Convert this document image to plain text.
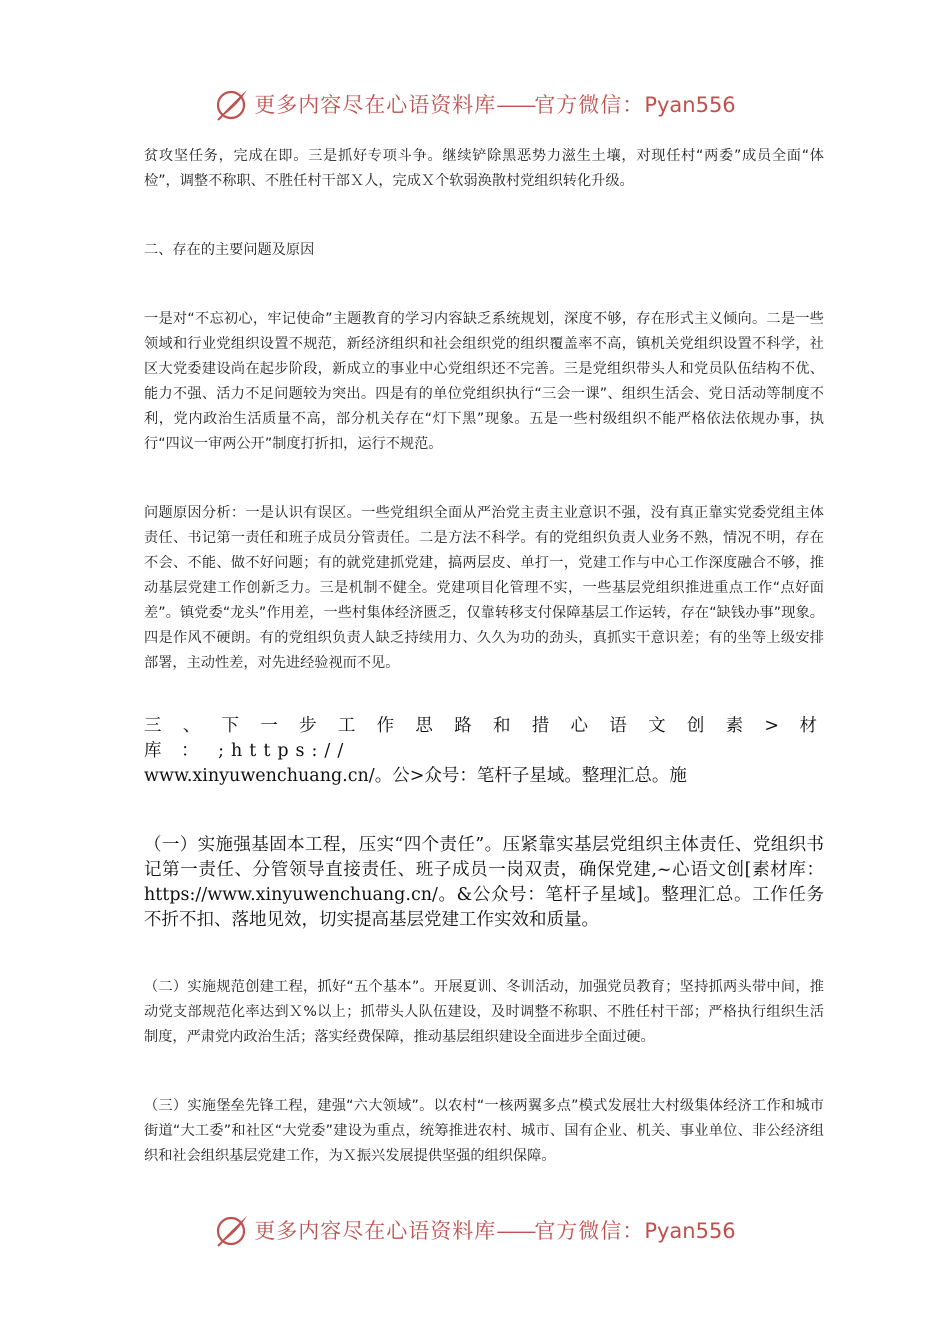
更多内容尽在心语资料库——官方微信：Pyan556

贫攻坚任务，完成在即。三是抓好专项斗争。继续铲除黑恶势力滋生土壤，对现任村“两委”成员全面“体检”，调整不称职、不胜任村干部Ｘ人，完成Ｘ个软弱涣散村党组织转化升级。

二、存在的主要问题及原因

一是对“不忘初心，牢记使命”主题教育的学习内容缺乏系统规划，深度不够，存在形式主义倾向。二是一些领域和行业党组织设置不规范，新经济组织和社会组织党的组织覆盖率不高，镇机关党组织设置不科学，社区大党委建设尚在起步阶段，新成立的事业中心党组织还不完善。三是党组织带头人和党员队伍结构不优、能力不强、活力不足问题较为突出。四是有的单位党组织执行“三会一课”、组织生活会、党日活动等制度不利，党内政治生活质量不高，部分机关存在“灯下黑”现象。五是一些村级组织不能严格依法依规办事，执行“四议一审两公开”制度打折扣，运行不规范。

问题原因分析：一是认识有误区。一些党组织全面从严治党主责主业意识不强，没有真正靠实党委党组主体责任、书记第一责任和班子成员分管责任。二是方法不科学。有的党组织负责人业务不熟，情况不明，存在不会、不能、做不好问题；有的就党建抓党建，搞两层皮、单打一，党建工作与中心工作深度融合不够，推动基层党建工作创新乏力。三是机制不健全。党建项目化管理不实，一些基层党组织推进重点工作“点好面差”。镇党委“龙头”作用差，一些村集体经济匮乏，仅靠转移支付保障基层工作运转，存在“缺钱办事”现象。四是作风不硬朗。有的党组织负责人缺乏持续用力、久久为功的劲头，真抓实干意识差；有的坐等上级安排部署，主动性差，对先进经验视而不见。

三 、 下 一 步 工 作 思 路 和 措 心 语 文 创 素 > 材 库 ： ;https://

www.xinyuwenchuang.cn/。公>众号：笔杆子星域。整理汇总。施

（一）实施强基固本工程，压实“四个责任”。压紧靠实基层党组织主体责任、党组织书记第一责任、分管领导直接责任、班子成员一岗双责，确保党建,~心语文创[素材库：https://www.xinyuwenchuang.cn/。&公众号：笔杆子星域]。整理汇总。工作任务不折不扣、落地见效，切实提高基层党建工作实效和质量。

（二）实施规范创建工程，抓好“五个基本”。开展夏训、冬训活动，加强党员教育；坚持抓两头带中间，推动党支部规范化率达到Ｘ%以上；抓带头人队伍建设，及时调整不称职、不胜任村干部；严格执行组织生活制度，严肃党内政治生活；落实经费保障，推动基层组织建设全面进步全面过硬。

（三）实施堡垒先锋工程，建强“六大领域”。以农村“一核两翼多点”模式发展壮大村级集体经济工作和城市街道“大工委”和社区“大党委”建设为重点，统筹推进农村、城市、国有企业、机关、事业单位、非公经济组织和社会组织基层党建工作，为Ｘ振兴发展提供坚强的组织保障。

更多内容尽在心语资料库——官方微信：Pyan556
